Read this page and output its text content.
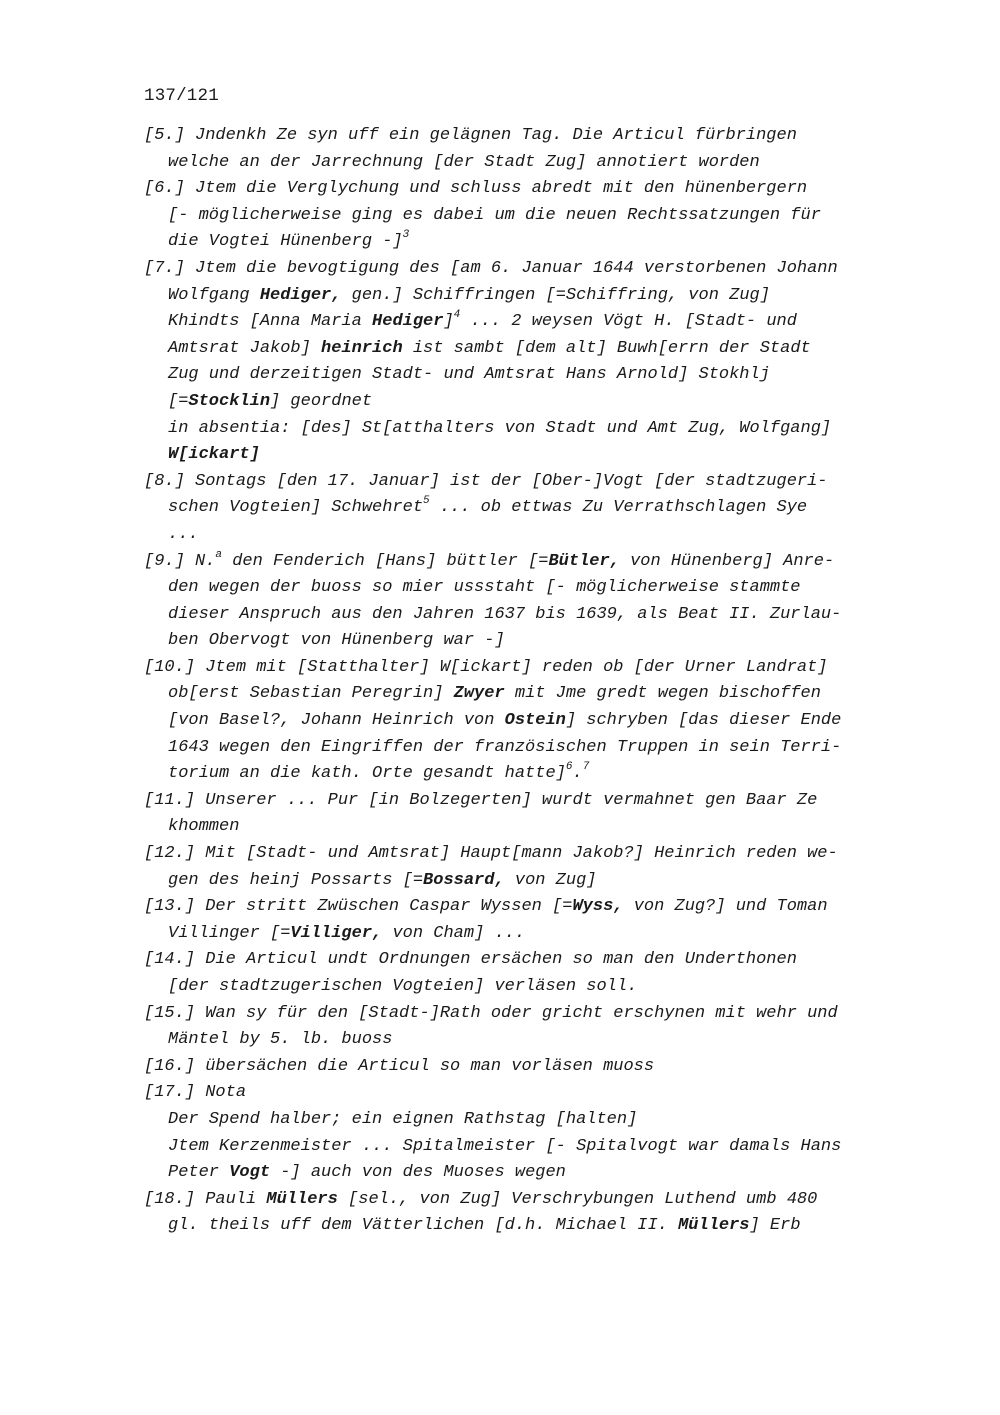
137/121
[5.] Jndenkh Ze syn uff ein gelägnen Tag. Die Articul fürbringen
welche an der Jarrechnung [der Stadt Zug] annotiert worden
[6.] Jtem die Verglychung und schluss abredt mit den hünenbergern
[- möglicherweise ging es dabei um die neuen Rechtssatzungen für
die Vogtei Hünenberg -]$^3$
[7.] Jtem die bevogtigung des [am 6. Januar 1644 verstorbenen Johann
Wolfgang Hediger, gen.] Schiffringen [=Schiffring, von Zug]
Khindts [Anna Maria Hediger]$^4$ ... 2 weysen Vögt H. [Stadt- und
Amtsrat Jakob] heinrich ist sambt [dem alt] Buwh[errn der Stadt
Zug und derzeitigen Stadt- und Amtsrat Hans Arnold] Stokhlj
[=Stocklin] geordnet
in absentia: [des] St[atthalters von Stadt und Amt Zug, Wolfgang]
W[ickart]
[8.] Sontags [den 17. Januar] ist der [Ober-]Vogt [der stadtzugeri-
schen Vogteien] Schwehret$^5$ ... ob ettwas Zu Verrathschlagen Sye
...
[9.] N.$^a$ den Fenderich [Hans] büttler [=Bütler, von Hünenberg] Anre-
den wegen der buoss so mier ussstaht [- möglicherweise stammte
dieser Anspruch aus den Jahren 1637 bis 1639, als Beat II. Zurlau-
ben Obervogt von Hünenberg war -]
[10.] Jtem mit [Statthalter] W[ickart] reden ob [der Urner Landrat]
ob[erst Sebastian Peregrin] Zwyer mit Jme gredt wegen bischoffen
[von Basel?, Johann Heinrich von Ostein] schryben [das dieser Ende
1643 wegen den Eingriffen der französischen Truppen in sein Terri-
torium an die kath. Orte gesandt hatte]$^6$.$^7$
[11.] Unserer ... Pur [in Bolzegerten] wurdt vermahnet gen Baar Ze
khommen
[12.] Mit [Stadt- und Amtsrat] Haupt[mann Jakob?] Heinrich reden we-
gen des heinj Possarts [=Bossard, von Zug]
[13.] Der stritt Zwüschen Caspar Wyssen [=Wyss, von Zug?] und Toman
Villinger [=Villiger, von Cham] ...
[14.] Die Articul undt Ordnungen ersächen so man den Underthonen
[der stadtzugerischen Vogteien] verläsen soll.
[15.] Wan sy für den [Stadt-]Rath oder gricht erschynen mit wehr und
Mäntel by 5. lb. buoss
[16.] übersächen die Articul so man vorläsen muoss
[17.] Nota
Der Spend halber; ein eignen Rathstag [halten]
Jtem Kerzenmeister ... Spitalmeister [- Spitalvogt war damals Hans
Peter Vogt -] auch von des Muoses wegen
[18.] Pauli Müllers [sel., von Zug] Verschrybungen Luthend umb 480
gl. theils uff dem Vätterlichen [d.h. Michael II. Müllers] Erb
